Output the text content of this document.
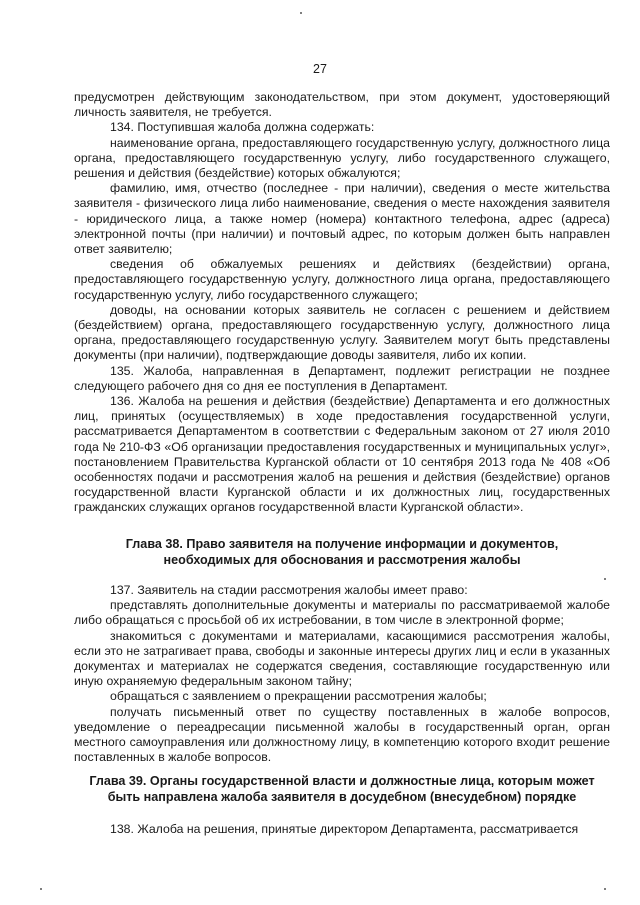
27

предусмотрен действующим законодательством, при этом документ, удостоверяющий личность заявителя, не требуется.

134. Поступившая жалоба должна содержать:

наименование органа, предоставляющего государственную услугу, должностного лица органа, предоставляющего государственную услугу, либо государственного служащего, решения и действия (бездействие) которых обжалуются;

фамилию, имя, отчество (последнее - при наличии), сведения о месте жительства заявителя - физического лица либо наименование, сведения о месте нахождения заявителя - юридического лица, а также номер (номера) контактного телефона, адрес (адреса) электронной почты (при наличии) и почтовый адрес, по которым должен быть направлен ответ заявителю;

сведения об обжалуемых решениях и действиях (бездействии) органа, предоставляющего государственную услугу, должностного лица органа, предоставляющего государственную услугу, либо государственного служащего;

доводы, на основании которых заявитель не согласен с решением и действием (бездействием) органа, предоставляющего государственную услугу, должностного лица органа, предоставляющего государственную услугу. Заявителем могут быть представлены документы (при наличии), подтверждающие доводы заявителя, либо их копии.

135. Жалоба, направленная в Департамент, подлежит регистрации не позднее следующего рабочего дня со дня ее поступления в Департамент.

136. Жалоба на решения и действия (бездействие) Департамента и его должностных лиц, принятых (осуществляемых) в ходе предоставления государственной услуги, рассматривается Департаментом в соответствии с Федеральным законом от 27 июля 2010 года № 210-ФЗ «Об организации предоставления государственных и муниципальных услуг», постановлением Правительства Курганской области от 10 сентября 2013 года № 408 «Об особенностях подачи и рассмотрения жалоб на решения и действия (бездействие) органов государственной власти Курганской области и их должностных лиц, государственных гражданских служащих органов государственной власти Курганской области».

Глава 38. Право заявителя на получение информации и документов,

необходимых для обоснования и рассмотрения жалобы

137. Заявитель на стадии рассмотрения жалобы имеет право:

представлять дополнительные документы и материалы по рассматриваемой жалобе либо обращаться с просьбой об их истребовании, в том числе в электронной форме;

знакомиться с документами и материалами, касающимися рассмотрения жалобы, если это не затрагивает права, свободы и законные интересы других лиц и если в указанных документах и материалах не содержатся сведения, составляющие государственную или иную охраняемую федеральным законом тайну;

обращаться с заявлением о прекращении рассмотрения жалобы;

получать письменный ответ по существу поставленных в жалобе вопросов, уведомление о переадресации письменной жалобы в государственный орган, орган местного самоуправления или должностному лицу, в компетенцию которого входит решение поставленных в жалобе вопросов.

Глава 39. Органы государственной власти и должностные лица, которым может

быть направлена жалоба заявителя в досудебном (внесудебном) порядке

138. Жалоба на решения, принятые директором Департамента, рассматривается
